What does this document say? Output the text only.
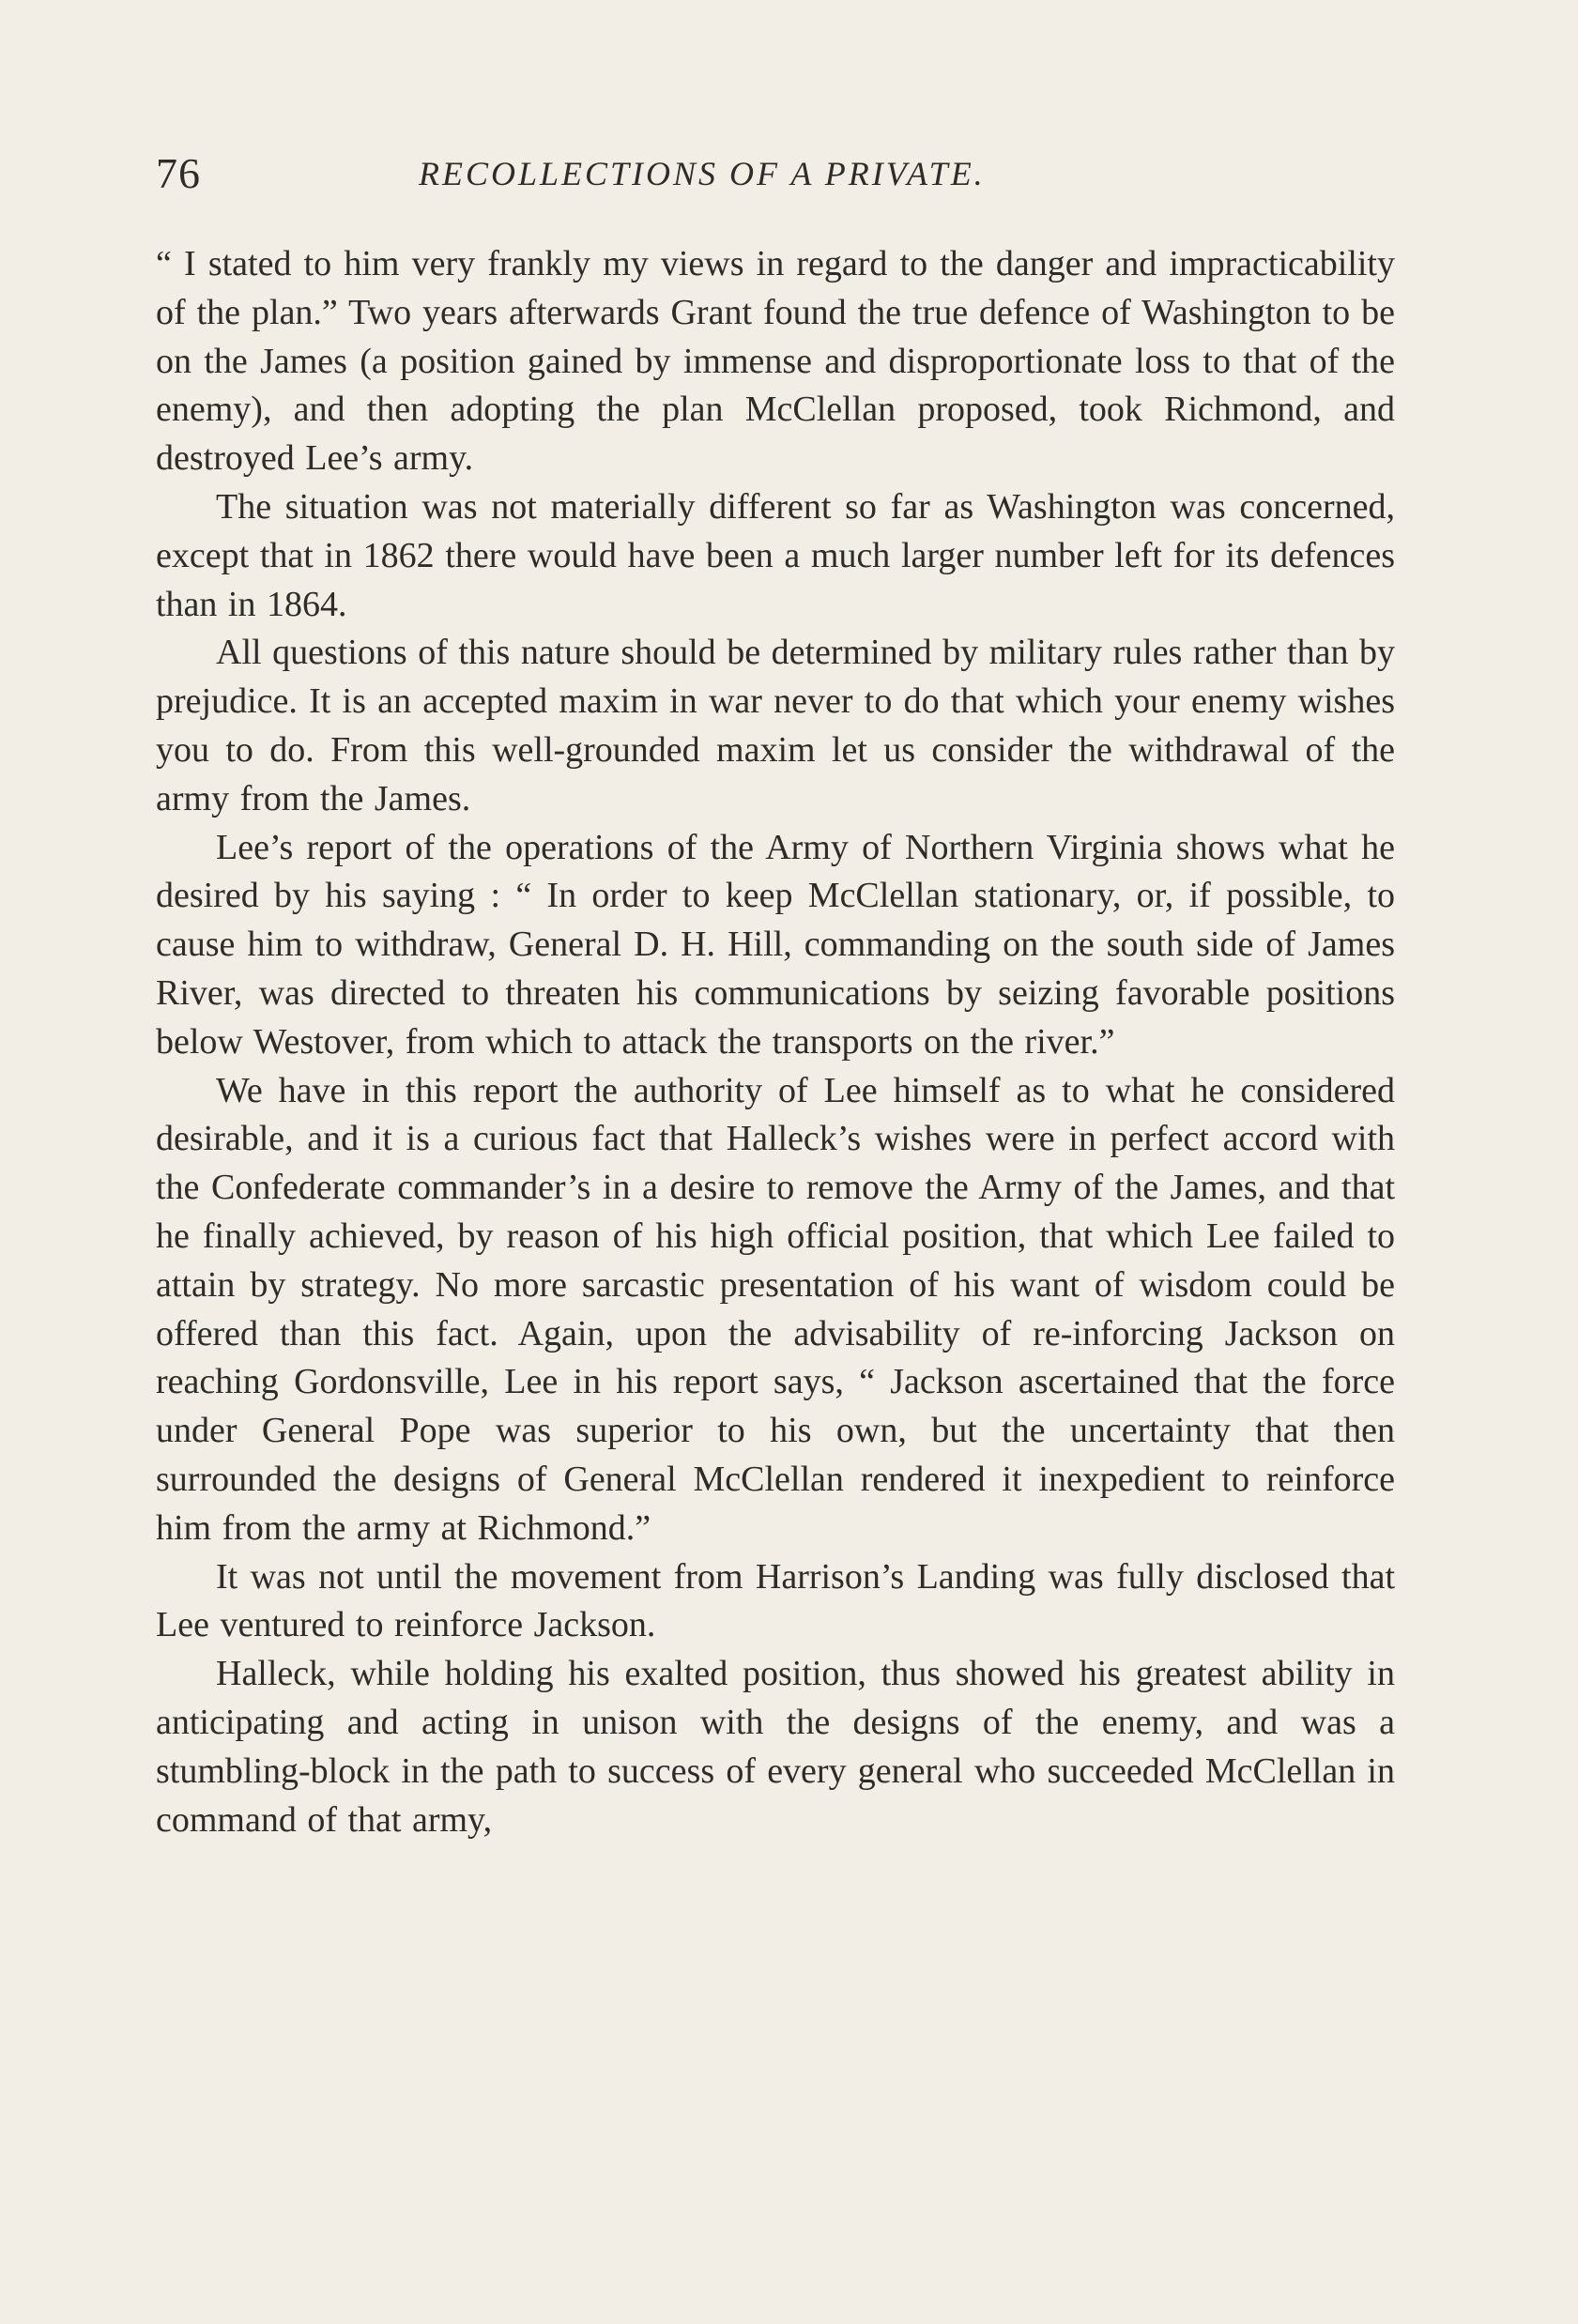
76	RECOLLECTIONS OF A PRIVATE.

“ I stated to him very frankly my views in regard to the danger and impracticability of the plan.” Two years afterwards Grant found the true defence of Washington to be on the James (a position gained by immense and disproportionate loss to that of the enemy), and then adopting the plan McClellan proposed, took Richmond, and destroyed Lee’s army.

The situation was not materially different so far as Washington was concerned, except that in 1862 there would have been a much larger number left for its defences than in 1864.

All questions of this nature should be determined by military rules rather than by prejudice. It is an accepted maxim in war never to do that which your enemy wishes you to do. From this well-grounded maxim let us consider the withdrawal of the army from the James.

Lee’s report of the operations of the Army of Northern Virginia shows what he desired by his saying : “ In order to keep McClellan stationary, or, if possible, to cause him to withdraw, General D. H. Hill, commanding on the south side of James River, was directed to threaten his communications by seizing favorable positions below Westover, from which to attack the transports on the river.”

We have in this report the authority of Lee himself as to what he considered desirable, and it is a curious fact that Halleck’s wishes were in perfect accord with the Confederate commander’s in a desire to remove the Army of the James, and that he finally achieved, by reason of his high official position, that which Lee failed to attain by strategy. No more sarcastic presentation of his want of wisdom could be offered than this fact. Again, upon the advisability of re-inforcing Jackson on reaching Gordonsville, Lee in his report says, “ Jackson ascertained that the force under General Pope was superior to his own, but the uncertainty that then surrounded the designs of General McClellan rendered it inexpedient to reinforce him from the army at Richmond.”

It was not until the movement from Harrison’s Landing was fully disclosed that Lee ventured to reinforce Jackson.

Halleck, while holding his exalted position, thus showed his greatest ability in anticipating and acting in unison with the designs of the enemy, and was a stumbling-block in the path to success of every general who succeeded McClellan in command of that army,
